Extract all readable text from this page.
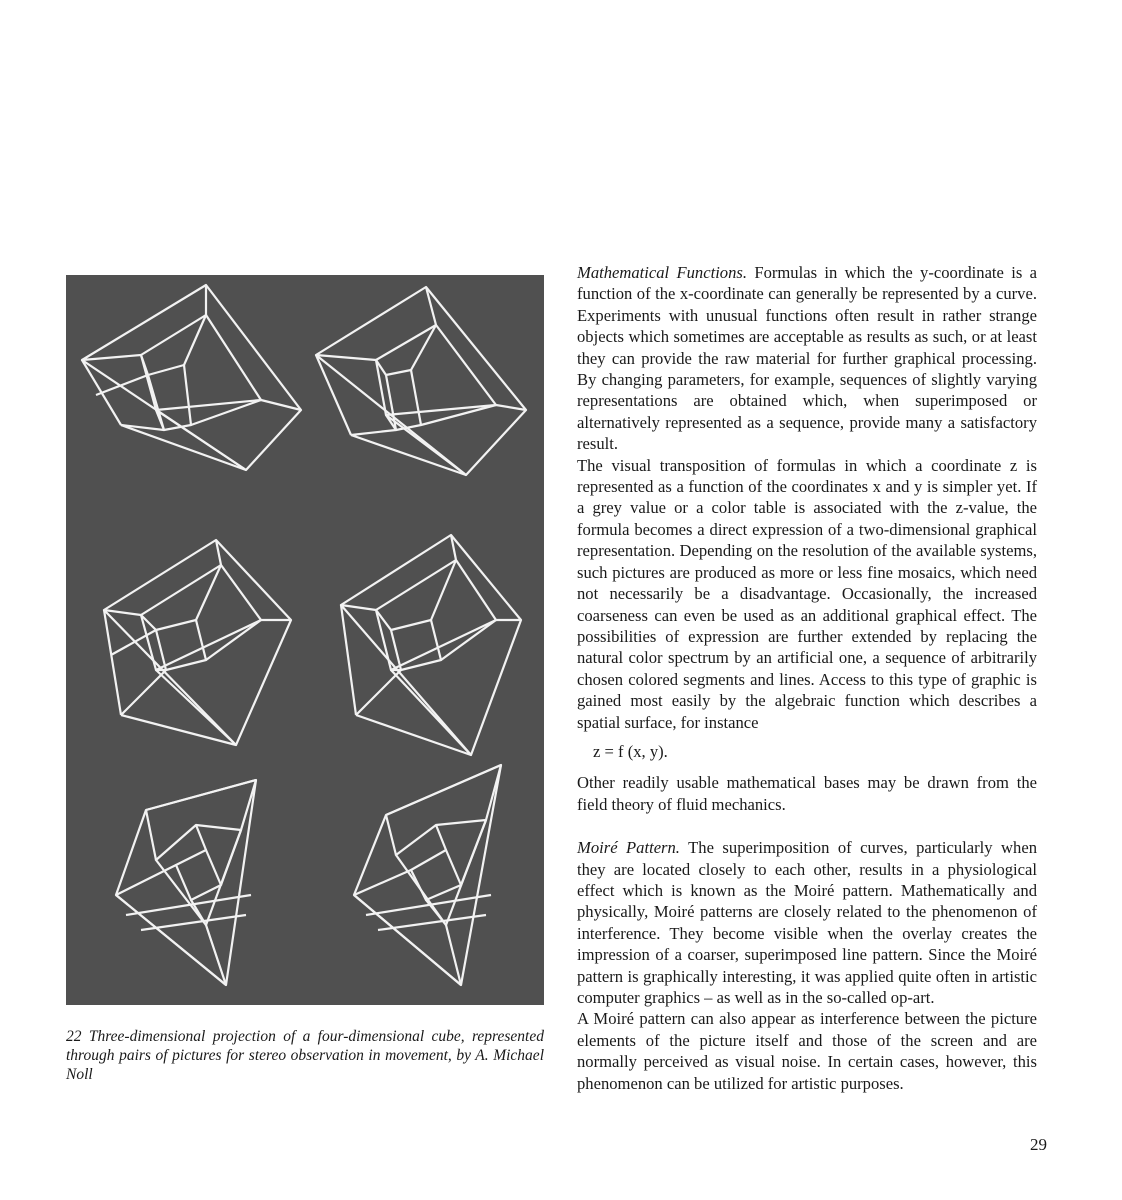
22 Three-dimensional projection of a four-dimensional cube, represented through pairs of pictures for stereo observation in movement, by A. Michael Noll

Mathematical Functions. Formulas in which the y-coordinate is a function of the x-coordinate can generally be represented by a curve. Experiments with unusual functions often result in rather strange objects which sometimes are acceptable as results as such, or at least they can provide the raw material for further graphical processing. By changing parameters, for example, sequences of slightly varying representations are obtained which, when superimposed or alternatively represented as a sequence, provide many a satisfactory result.

The visual transposition of formulas in which a coordinate z is represented as a function of the coordinates x and y is simpler yet. If a grey value or a color table is associated with the z-value, the formula becomes a direct expression of a two-dimensional graphical representation. Depending on the resolution of the available systems, such pictures are produced as more or less fine mosaics, which need not necessarily be a disadvantage. Occasionally, the increased coarseness can even be used as an additional graphical effect. The possibilities of expression are further extended by replacing the natural color spectrum by an artificial one, a sequence of arbitrarily chosen colored segments and lines. Access to this type of graphic is gained most easily by the algebraic function which describes a spatial surface, for instance

z = f (x, y).

Other readily usable mathematical bases may be drawn from the field theory of fluid mechanics.

Moiré Pattern. The superimposition of curves, particularly when they are located closely to each other, results in a physiological effect which is known as the Moiré pattern. Mathematically and physically, Moiré patterns are closely related to the phenomenon of interference. They become visible when the overlay creates the impression of a coarser, superimposed line pattern. Since the Moiré pattern is graphically interesting, it was applied quite often in artistic computer graphics – as well as in the so-called op-art.

A Moiré pattern can also appear as interference between the picture elements of the picture itself and those of the screen and are normally perceived as visual noise. In certain cases, however, this phenomenon can be utilized for artistic purposes.

29
